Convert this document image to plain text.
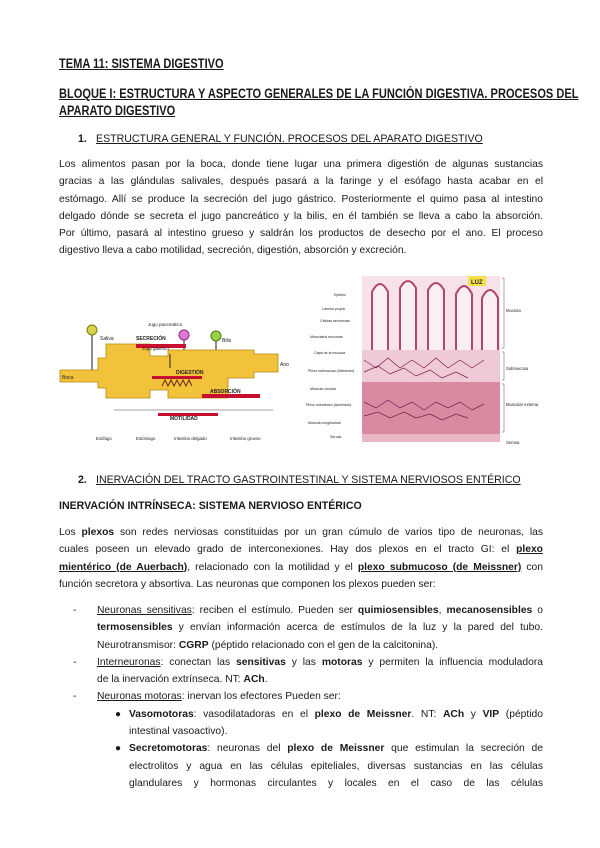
TEMA 11: SISTEMA DIGESTIVO
BLOQUE I: ESTRUCTURA Y ASPECTO GENERALES DE LA FUNCIÓN DIGESTIVA. PROCESOS DEL
APARATO DIGESTIVO
1. ESTRUCTURA GENERAL Y FUNCIÓN. PROCESOS DEL APARATO DIGESTIVO
Los alimentos pasan por la boca, donde tiene lugar una primera digestión de algunas sustancias
gracias a las glándulas salivales, después pasará a la faringe y el esófago hasta acabar en el
estómago. Allí se produce la secreción del jugo gástrico. Posteriormente el quimo pasa al intestino
delgado dónde se secreta el jugo pancreático y la bilis, en él también se lleva a cabo la absorción.
Por último, pasará al intestino grueso y saldrán los productos de desecho por el ano. El proceso
digestivo lleva a cabo motilidad, secreción, digestión, absorción y excreción.
Saliva
Jugo pancreático
SECRECIÓN
Jugo gástrico
Bilis
DIGESTIÓN
ABSORCIÓN
Boca
Ano
MOTILIDAD
Esófago	Estómago	Intestino delgado	Intestino grueso
LUZ
Epitelio
Lámina propia
Células secretoras
Muscularis mucosae
Capa de la mucosa
Plexo submucoso (Meissner)
Músculo circular
Plexo mientérico (Auerbach)
Músculo longitudinal
Serosa
Mucosa
Submucosa
Muscular externa
Serosa
2. INERVACIÓN DEL TRACTO GASTROINTESTINAL Y SISTEMA NERVIOSOS ENTÉRICO
INERVACIÓN INTRÍNSECA: SISTEMA NERVIOSO ENTÉRICO
Los plexos son redes nerviosas constituidas por un gran cúmulo de varios tipo de neuronas, las
cuales poseen un elevado grado de interconexiones. Hay dos plexos en el tracto GI: el plexo
mientérico (de Auerbach), relacionado con la motilidad y el plexo submucoso (de Meissner) con
función secretora y absortiva. Las neuronas que componen los plexos pueden ser:
- Neuronas sensitivas: reciben el estímulo. Pueden ser quimiosensibles, mecanosensibles o
termosensibles y envían información acerca de estímulos de la luz y la pared del tubo.
Neurotransmisor: CGRP (péptido relacionado con el gen de la calcitonina).
- Interneuronas: conectan las sensitivas y las motoras y permiten la influencia moduladora
de la inervación extrínseca. NT: ACh.
- Neuronas motoras: inervan los efectores Pueden ser:
● Vasomotoras: vasodilatadoras en el plexo de Meissner. NT: ACh y VIP (péptido
intestinal vasoactivo).
● Secretomotoras: neuronas del plexo de Meissner que estimulan la secreción de
electrolitos y agua en las células epiteliales, diversas sustancias en las células
glandulares y hormonas circulantes y locales en el caso de las células
